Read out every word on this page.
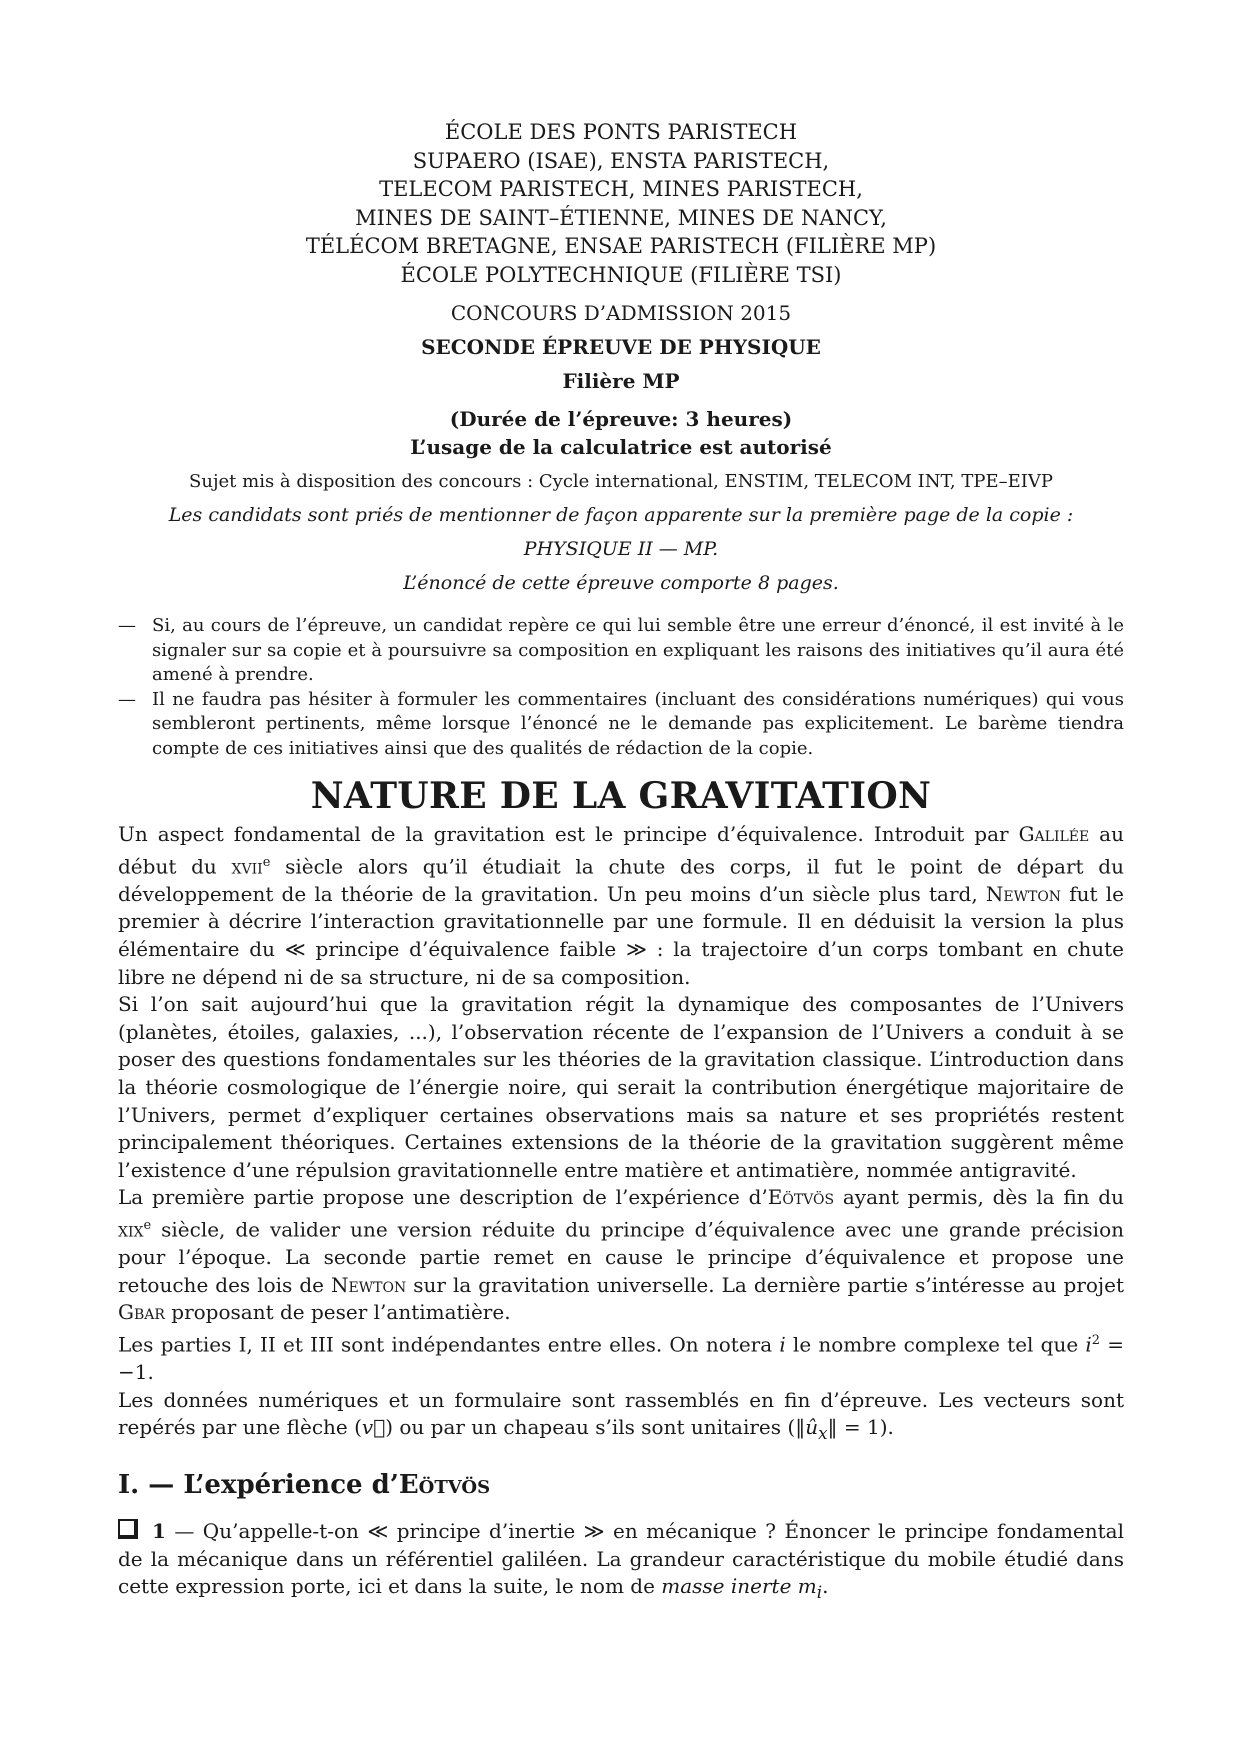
ÉCOLE DES PONTS PARISTECH
SUPAERO (ISAE), ENSTA PARISTECH,
TELECOM PARISTECH, MINES PARISTECH,
MINES DE SAINT–ÉTIENNE, MINES DE NANCY,
TÉLÉCOM BRETAGNE, ENSAE PARISTECH (FILIÈRE MP)
ÉCOLE POLYTECHNIQUE (FILIÈRE TSI)
CONCOURS D’ADMISSION 2015
SECONDE ÉPREUVE DE PHYSIQUE
Filière MP
(Durée de l’épreuve: 3 heures)
L’usage de la calculatrice est autorisé
Sujet mis à disposition des concours : Cycle international, ENSTIM, TELECOM INT, TPE–EIVP
Les candidats sont priés de mentionner de façon apparente sur la première page de la copie :
PHYSIQUE II — MP.
L’énoncé de cette épreuve comporte 8 pages.
— Si, au cours de l’épreuve, un candidat repère ce qui lui semble être une erreur d’énoncé, il est invité à le signaler sur sa copie et à poursuivre sa composition en expliquant les raisons des initiatives qu’il aura été amené à prendre.
— Il ne faudra pas hésiter à formuler les commentaires (incluant des considérations numériques) qui vous sembleront pertinents, même lorsque l’énoncé ne le demande pas explicitement. Le barème tiendra compte de ces initiatives ainsi que des qualités de rédaction de la copie.
NATURE DE LA GRAVITATION

Un aspect fondamental de la gravitation est le principe d’équivalence. Introduit par Galilée au début du xvii$^e$ siècle alors qu’il étudiait la chute des corps, il fut le point de départ du développement de la théorie de la gravitation. Un peu moins d’un siècle plus tard, Newton fut le premier à décrire l’interaction gravitationnelle par une formule. Il en déduisit la version la plus élémentaire du ≪ principe d’équivalence faible ≫ : la trajectoire d’un corps tombant en chute libre ne dépend ni de sa structure, ni de sa composition.

Si l’on sait aujourd’hui que la gravitation régit la dynamique des composantes de l’Univers (planètes, étoiles, galaxies, ...), l’observation récente de l’expansion de l’Univers a conduit à se poser des questions fondamentales sur les théories de la gravitation classique. L’introduction dans la théorie cosmologique de l’énergie noire, qui serait la contribution énergétique majoritaire de l’Univers, permet d’expliquer certaines observations mais sa nature et ses propriétés restent principalement théoriques. Certaines extensions de la théorie de la gravitation suggèrent même l’existence d’une répulsion gravitationnelle entre matière et antimatière, nommée antigravité.

La première partie propose une description de l’expérience d’Eötvös ayant permis, dès la fin du xix$^e$ siècle, de valider une version réduite du principe d’équivalence avec une grande précision pour l’époque. La seconde partie remet en cause le principe d’équivalence et propose une retouche des lois de Newton sur la gravitation universelle. La dernière partie s’intéresse au projet Gbar proposant de peser l’antimatière.

Les parties I, II et III sont indépendantes entre elles. On notera i le nombre complexe tel que $i^2 = -1$.

Les données numériques et un formulaire sont rassemblés en fin d’épreuve. Les vecteurs sont repérés par une flèche (v⃗) ou par un chapeau s’ils sont unitaires $(‖û_x‖ = 1)$.

I. — L’expérience d’Eötvös
1 — Qu’appelle-t-on ≪ principe d’inertie ≫ en mécanique ? Énoncer le principe fondamental de la mécanique dans un référentiel galiléen. La grandeur caractéristique du mobile étudié dans cette expression porte, ici et dans la suite, le nom de masse inerte $m_i$.
